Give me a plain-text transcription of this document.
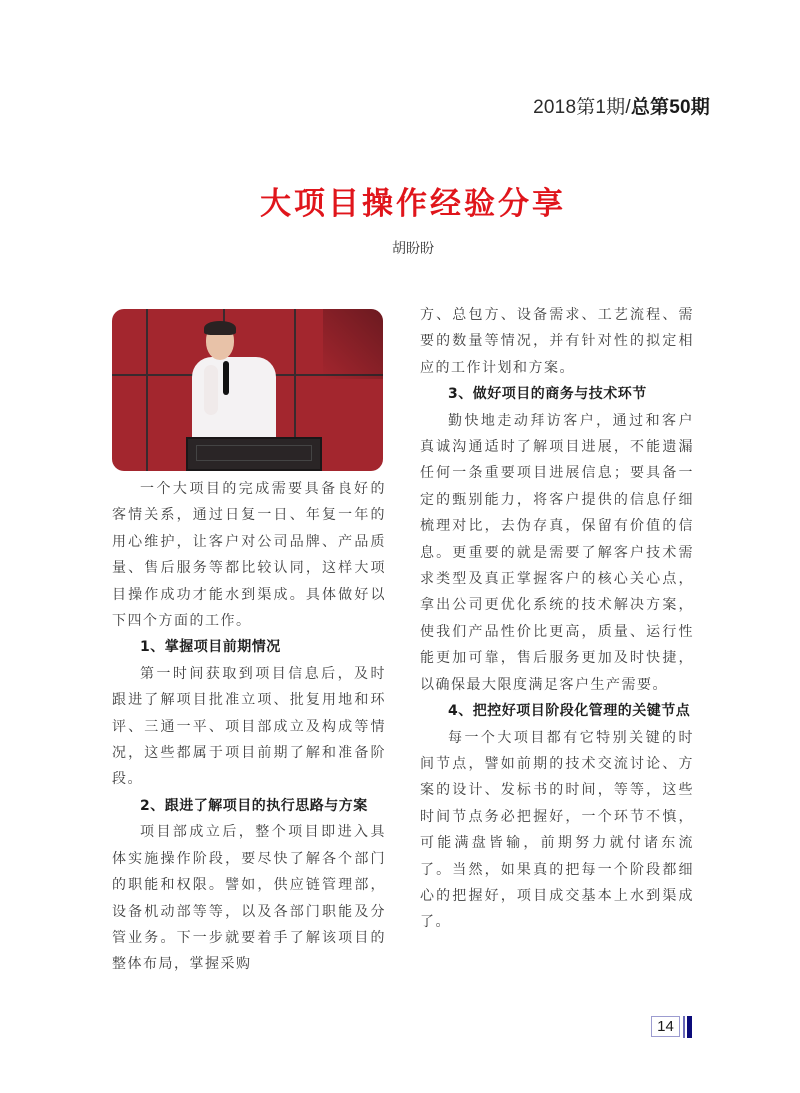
2018第1期/总第50期
大项目操作经验分享
胡盼盼

一个大项目的完成需要具备良好的客情关系，通过日复一日、年复一年的用心维护，让客户对公司品牌、产品质量、售后服务等都比较认同，这样大项目操作成功才能水到渠成。具体做好以下四个方面的工作。

1、掌握项目前期情况

第一时间获取到项目信息后，及时跟进了解项目批准立项、批复用地和环评、三通一平、项目部成立及构成等情况，这些都属于项目前期了解和准备阶段。

2、跟进了解项目的执行思路与方案

项目部成立后，整个项目即进入具体实施操作阶段，要尽快了解各个部门的职能和权限。譬如，供应链管理部，设备机动部等等，以及各部门职能及分管业务。下一步就要着手了解该项目的整体布局，掌握采购

方、总包方、设备需求、工艺流程、需要的数量等情况，并有针对性的拟定相应的工作计划和方案。

3、做好项目的商务与技术环节

勤快地走动拜访客户，通过和客户真诚沟通适时了解项目进展，不能遗漏任何一条重要项目进展信息；要具备一定的甄别能力，将客户提供的信息仔细梳理对比，去伪存真，保留有价值的信息。更重要的就是需要了解客户技术需求类型及真正掌握客户的核心关心点，拿出公司更优化系统的技术解决方案，使我们产品性价比更高，质量、运行性能更加可靠，售后服务更加及时快捷，以确保最大限度满足客户生产需要。

4、把控好项目阶段化管理的关键节点

每一个大项目都有它特别关键的时间节点，譬如前期的技术交流讨论、方案的设计、发标书的时间，等等，这些时间节点务必把握好，一个环节不慎，可能满盘皆输，前期努力就付诸东流了。当然，如果真的把每一个阶段都细心的把握好，项目成交基本上水到渠成了。

14
